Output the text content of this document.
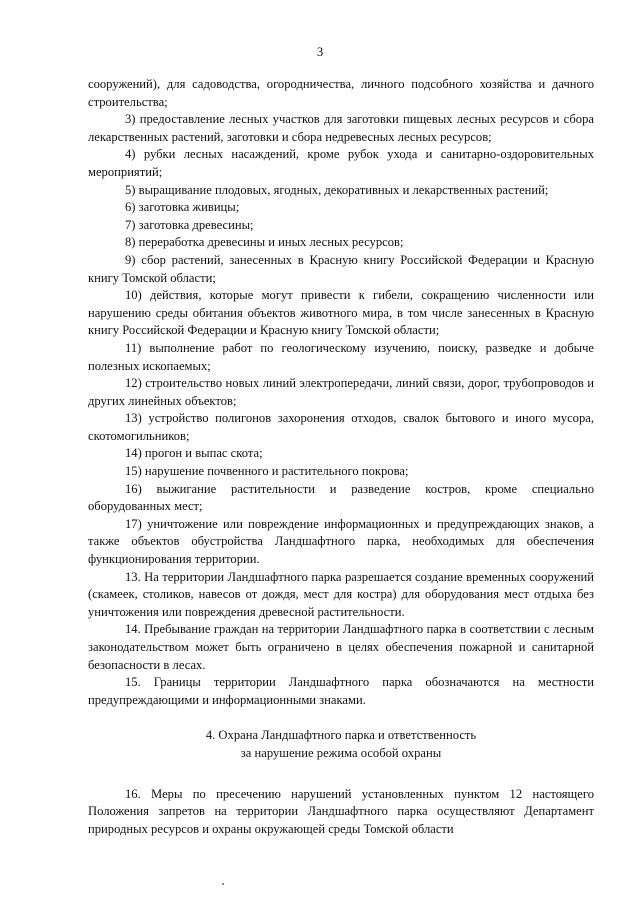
3

сооружений), для садоводства, огородничества, личного подсобного хозяйства и дачного строительства;

3) предоставление лесных участков для заготовки пищевых лесных ресурсов и сбора лекарственных растений, заготовки и сбора недревесных лесных ресурсов;

4) рубки лесных насаждений, кроме рубок ухода и санитарно-оздоровительных мероприятий;

5) выращивание плодовых, ягодных, декоративных и лекарственных растений;

6) заготовка живицы;

7) заготовка древесины;

8) переработка древесины и иных лесных ресурсов;

9) сбор растений, занесенных в Красную книгу Российской Федерации и Красную книгу Томской области;

10) действия, которые могут привести к гибели, сокращению численности или нарушению среды обитания объектов животного мира, в том числе занесенных в Красную книгу Российской Федерации и Красную книгу Томской области;

11) выполнение работ по геологическому изучению, поиску, разведке и добыче полезных ископаемых;

12) строительство новых линий электропередачи, линий связи, дорог, трубопроводов и других линейных объектов;

13) устройство полигонов захоронения отходов, свалок бытового и иного мусора, скотомогильников;

14) прогон и выпас скота;

15) нарушение почвенного и растительного покрова;

16) выжигание растительности и разведение костров, кроме специально оборудованных мест;

17) уничтожение или повреждение информационных и предупреждающих знаков, а также объектов обустройства Ландшафтного парка, необходимых для обеспечения функционирования территории.

13. На территории Ландшафтного парка разрешается создание временных сооружений (скамеек, столиков, навесов от дождя, мест для костра) для оборудования мест отдыха без уничтожения или повреждения древесной растительности.

14. Пребывание граждан на территории Ландшафтного парка в соответствии с лесным законодательством может быть ограничено в целях обеспечения пожарной и санитарной безопасности в лесах.

15. Границы территории Ландшафтного парка обозначаются на местности предупреждающими и информационными знаками.

4. Охрана Ландшафтного парка и ответственность
за нарушение режима особой охраны

16. Меры по пресечению нарушений установленных пунктом 12 настоящего Положения запретов на территории Ландшафтного парка осуществляют Департамент природных ресурсов и охраны окружающей среды Томской области
